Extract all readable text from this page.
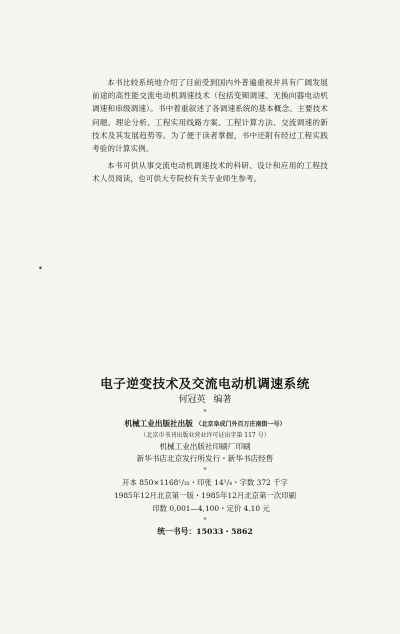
本书比较系统地介绍了目前受到国内外普遍重视并具有广阔发展前途的高性能交流电动机调速技术（包括变频调速、无换向器电动机调速和串级调速）。书中着重叙述了各调速系统的基本概念、主要技术问题、理论分析、工程实用线路方案、工程计算方法、交流调速的新技术及其发展趋势等。为了便于读者掌握，书中还附有经过工程实践考验的计算实例。

本书可供从事交流电动机调速技术的科研、设计和应用的工程技术人员阅读，也可供大专院校有关专业师生参考。

•
电子逆变技术及交流电动机调速系统
何冠英 编著
*
机械工业出版社出版 （北京阜成门外百万庄南街一号）
（北京市书刊出版业营业许可证出字第 117 号）
机械工业出版社印刷厂印刷
新华书店北京发行所发行・新华书店经售
*
开本 850×1168¹/₃₂・印张 14¹/₄・字数 372 千字
1985年12月北京第一版・1985年12月北京第一次印刷
印数 0,001—4,100・定价 4.10 元
*
统一书号：15033・5862
